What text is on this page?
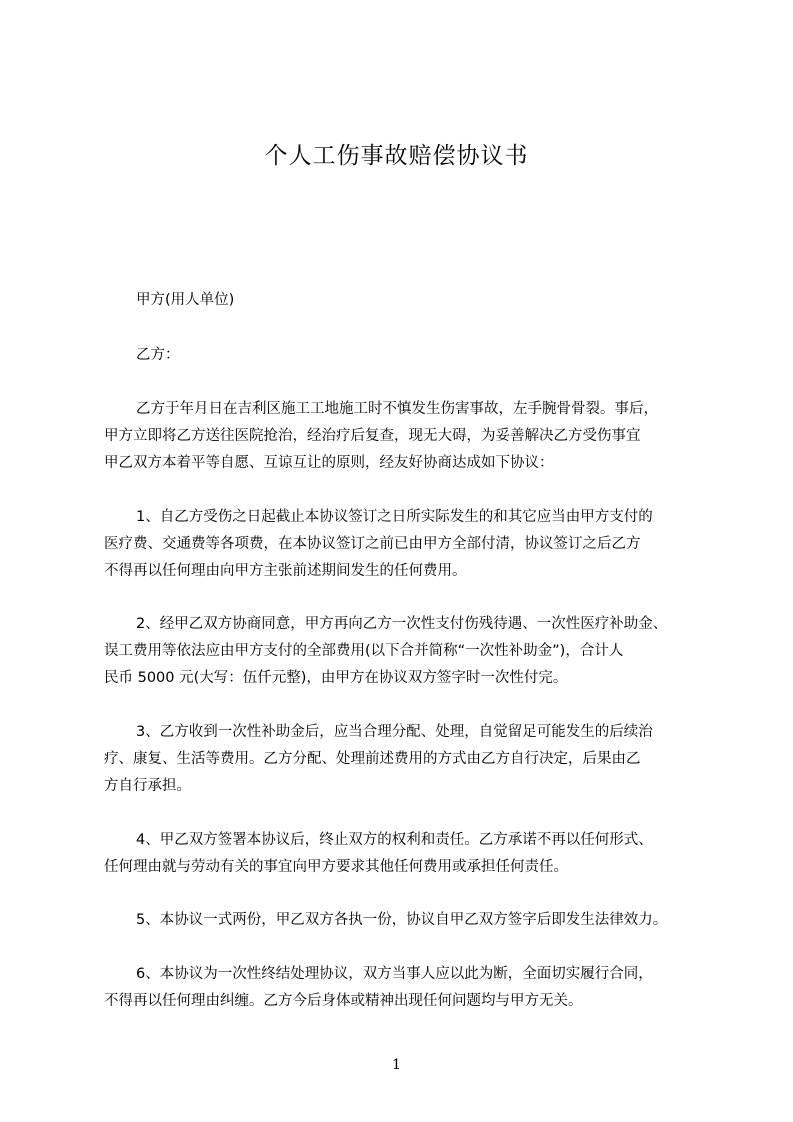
个人工伤事故赔偿协议书

甲方(用人单位)

乙方：

乙方于年月日在吉利区施工工地施工时不慎发生伤害事故，左手腕骨骨裂。事后，

甲方立即将乙方送往医院抢治，经治疗后复查，现无大碍，为妥善解决乙方受伤事宜

甲乙双方本着平等自愿、互谅互让的原则，经友好协商达成如下协议：

1、自乙方受伤之日起截止本协议签订之日所实际发生的和其它应当由甲方支付的

医疗费、交通费等各项费，在本协议签订之前已由甲方全部付清，协议签订之后乙方

不得再以任何理由向甲方主张前述期间发生的任何费用。

2、经甲乙双方协商同意，甲方再向乙方一次性支付伤残待遇、一次性医疗补助金、

误工费用等依法应由甲方支付的全部费用(以下合并简称“一次性补助金”)，合计人

民币 5000 元(大写：伍仟元整)，由甲方在协议双方签字时一次性付完。

3、乙方收到一次性补助金后，应当合理分配、处理，自觉留足可能发生的后续治

疗、康复、生活等费用。乙方分配、处理前述费用的方式由乙方自行决定，后果由乙

方自行承担。

4、甲乙双方签署本协议后，终止双方的权利和责任。乙方承诺不再以任何形式、

任何理由就与劳动有关的事宜向甲方要求其他任何费用或承担任何责任。

5、本协议一式两份，甲乙双方各执一份，协议自甲乙双方签字后即发生法律效力。

6、本协议为一次性终结处理协议，双方当事人应以此为断，全面切实履行合同，

不得再以任何理由纠缠。乙方今后身体或精神出现任何问题均与甲方无关。

1
